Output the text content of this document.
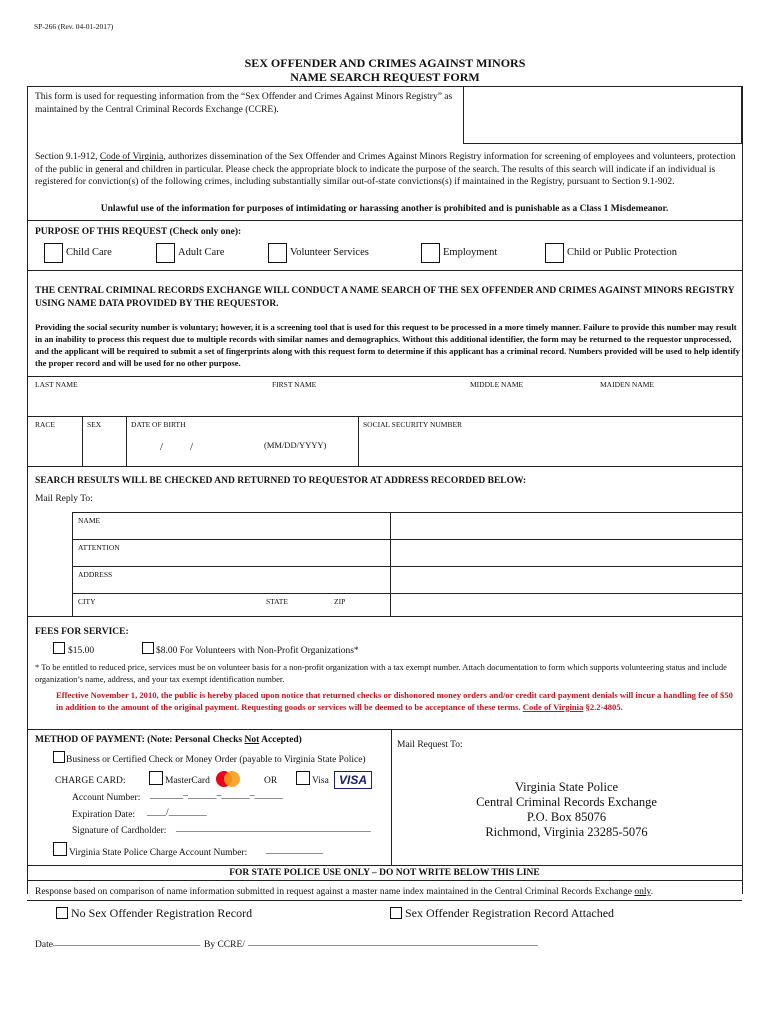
SP-266 (Rev. 04-01-2017)
SEX OFFENDER AND CRIMES AGAINST MINORS
NAME SEARCH REQUEST FORM
This form is used for requesting information from the “Sex Offender and Crimes Against Minors Registry” as maintained by the Central Criminal Records Exchange (CCRE).
Section 9.1-912, Code of Virginia, authorizes dissemination of the Sex Offender and Crimes Against Minors Registry information for screening of employees and volunteers, protection of the public in general and children in particular. Please check the appropriate block to indicate the purpose of the search. The results of this search will indicate if an individual is registered for conviction(s) of the following crimes, including substantially similar out-of-state convictions(s) if maintained in the Registry, pursuant to Section 9.1-902.
Unlawful use of the information for purposes of intimidating or harassing another is prohibited and is punishable as a Class 1 Misdemeanor.
PURPOSE OF THIS REQUEST (Check only one):
Child Care	Adult Care	Volunteer Services	Employment	Child or Public Protection
THE CENTRAL CRIMINAL RECORDS EXCHANGE WILL CONDUCT A NAME SEARCH OF THE SEX OFFENDER AND CRIMES AGAINST MINORS REGISTRY USING NAME DATA PROVIDED BY THE REQUESTOR.
Providing the social security number is voluntary; however, it is a screening tool that is used for this request to be processed in a more timely manner. Failure to provide this number may result in an inability to process this request due to multiple records with similar names and demographics. Without this additional identifier, the form may be returned to the requestor unprocessed, and the applicant will be required to submit a set of fingerprints along with this request form to determine if this applicant has a criminal record. Numbers provided will be used to help identify the proper record and will be used for no other purpose.
LAST NAME	FIRST NAME	MIDDLE NAME	MAIDEN NAME
RACE	SEX	DATE OF BIRTH	SOCIAL SECURITY NUMBER
/ /	(MM/DD/YYYY)
SEARCH RESULTS WILL BE CHECKED AND RETURNED TO REQUESTOR AT ADDRESS RECORDED BELOW:
Mail Reply To:
NAME
ATTENTION
ADDRESS
CITY	STATE	ZIP
FEES FOR SERVICE:
$15.00	$8.00 For Volunteers with Non-Profit Organizations*
* To be entitled to reduced price, services must be on volunteer basis for a non-profit organization with a tax exempt number. Attach documentation to form which supports volunteering status and include organization’s name, address, and your tax exempt identification number.
Effective November 1, 2010, the public is hereby placed upon notice that returned checks or dishonored money orders and/or credit card payment denials will incur a handling fee of $50 in addition to the amount of the original payment. Requesting goods or services will be deemed to be acceptance of these terms. Code of Virginia §2.2-4805.
METHOD OF PAYMENT: (Note: Personal Checks Not Accepted)
Business or Certified Check or Money Order (payable to Virginia State Police)
CHARGE CARD:	MasterCard	OR	Visa VISA
Account Number: _______–______–______–______
Expiration Date: ____/________
Signature of Cardholder: _________________________________________
Virginia State Police Charge Account Number: ____________
Mail Request To:
Virginia State Police
Central Criminal Records Exchange
P.O. Box 85076
Richmond, Virginia 23285-5076
FOR STATE POLICE USE ONLY – DO NOT WRITE BELOW THIS LINE
Response based on comparison of name information submitted in request against a master name index maintained in the Central Criminal Records Exchange only.
No Sex Offender Registration Record	Sex Offender Registration Record Attached
Date _______________________________ By CCRE/ _____________________________________________________________
